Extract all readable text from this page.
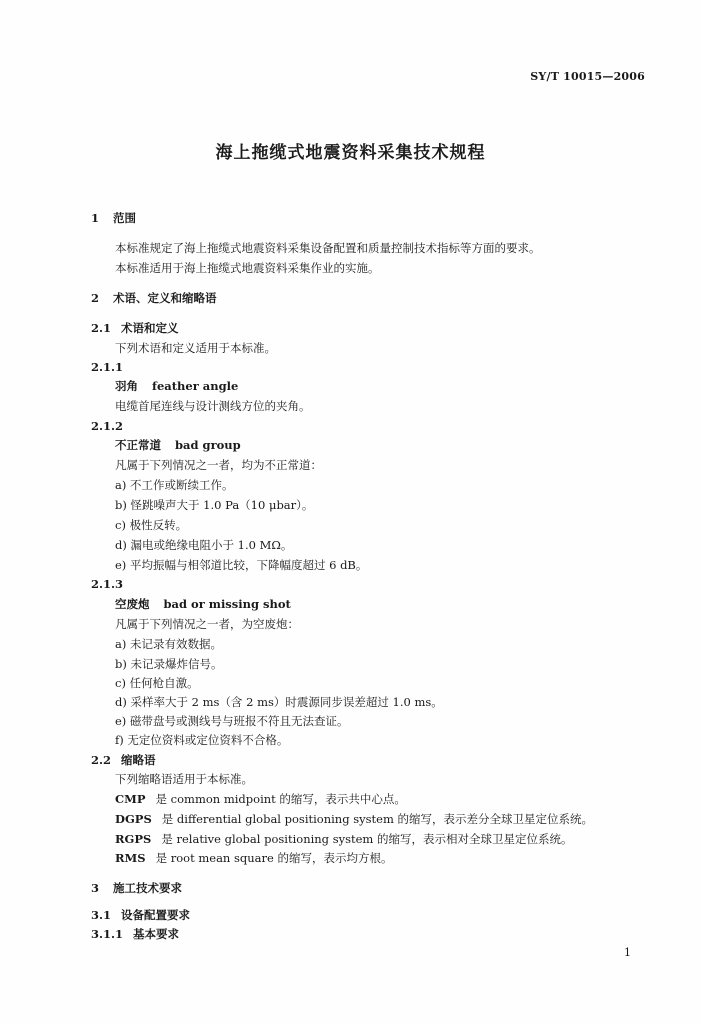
SY/T 10015—2006
海上拖缆式地震资料采集技术规程
1 范围
本标准规定了海上拖缆式地震资料采集设备配置和质量控制技术指标等方面的要求。
本标准适用于海上拖缆式地震资料采集作业的实施。
2 术语、定义和缩略语
2.1 术语和定义
下列术语和定义适用于本标准。
2.1.1
羽角 feather angle
电缆首尾连线与设计测线方位的夹角。
2.1.2
不正常道 bad group
凡属于下列情况之一者，均为不正常道：
a) 不工作或断续工作。
b) 怪跳噪声大于 1.0 Pa（10 μbar）。
c) 极性反转。
d) 漏电或绝缘电阻小于 1.0 MΩ。
e) 平均振幅与相邻道比较，下降幅度超过 6 dB。
2.1.3
空废炮 bad or missing shot
凡属于下列情况之一者，为空废炮：
a) 未记录有效数据。
b) 未记录爆炸信号。
c) 任何枪自激。
d) 采样率大于 2 ms（含 2 ms）时震源同步误差超过 1.0 ms。
e) 磁带盘号或测线号与班报不符且无法查证。
f) 无定位资料或定位资料不合格。
2.2 缩略语
下列缩略语适用于本标准。
CMP 是 common midpoint 的缩写，表示共中心点。
DGPS 是 differential global positioning system 的缩写，表示差分全球卫星定位系统。
RGPS 是 relative global positioning system 的缩写，表示相对全球卫星定位系统。
RMS 是 root mean square 的缩写，表示均方根。
3 施工技术要求
3.1 设备配置要求
3.1.1 基本要求
1
